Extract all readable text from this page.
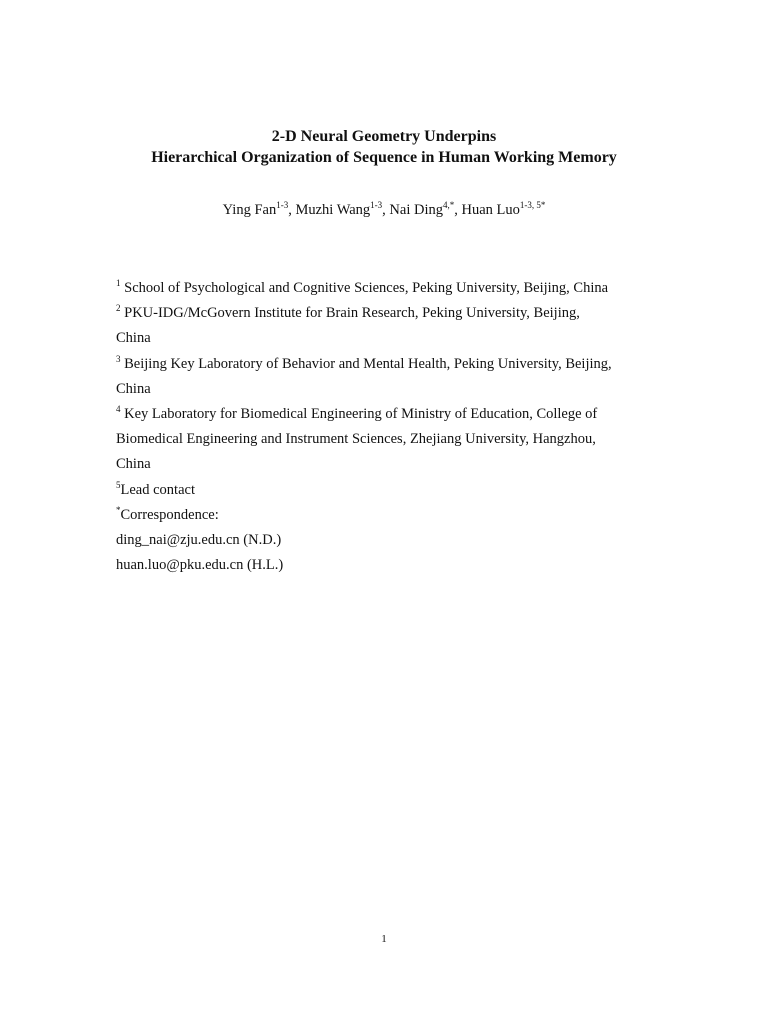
2-D Neural Geometry Underpins
Hierarchical Organization of Sequence in Human Working Memory
Ying Fan$^{1-3}$, Muzhi Wang$^{1-3}$, Nai Ding$^{4,*}$, Huan Luo$^{1-3, 5*}$
$^1$ School of Psychological and Cognitive Sciences, Peking University, Beijing, China
$^2$ PKU-IDG/McGovern Institute for Brain Research, Peking University, Beijing,
China
$^3$ Beijing Key Laboratory of Behavior and Mental Health, Peking University, Beijing,
China
$^4$ Key Laboratory for Biomedical Engineering of Ministry of Education, College of
Biomedical Engineering and Instrument Sciences, Zhejiang University, Hangzhou,
China
$^5$Lead contact
*Correspondence:
ding_nai@zju.edu.cn (N.D.)
huan.luo@pku.edu.cn (H.L.)
1
